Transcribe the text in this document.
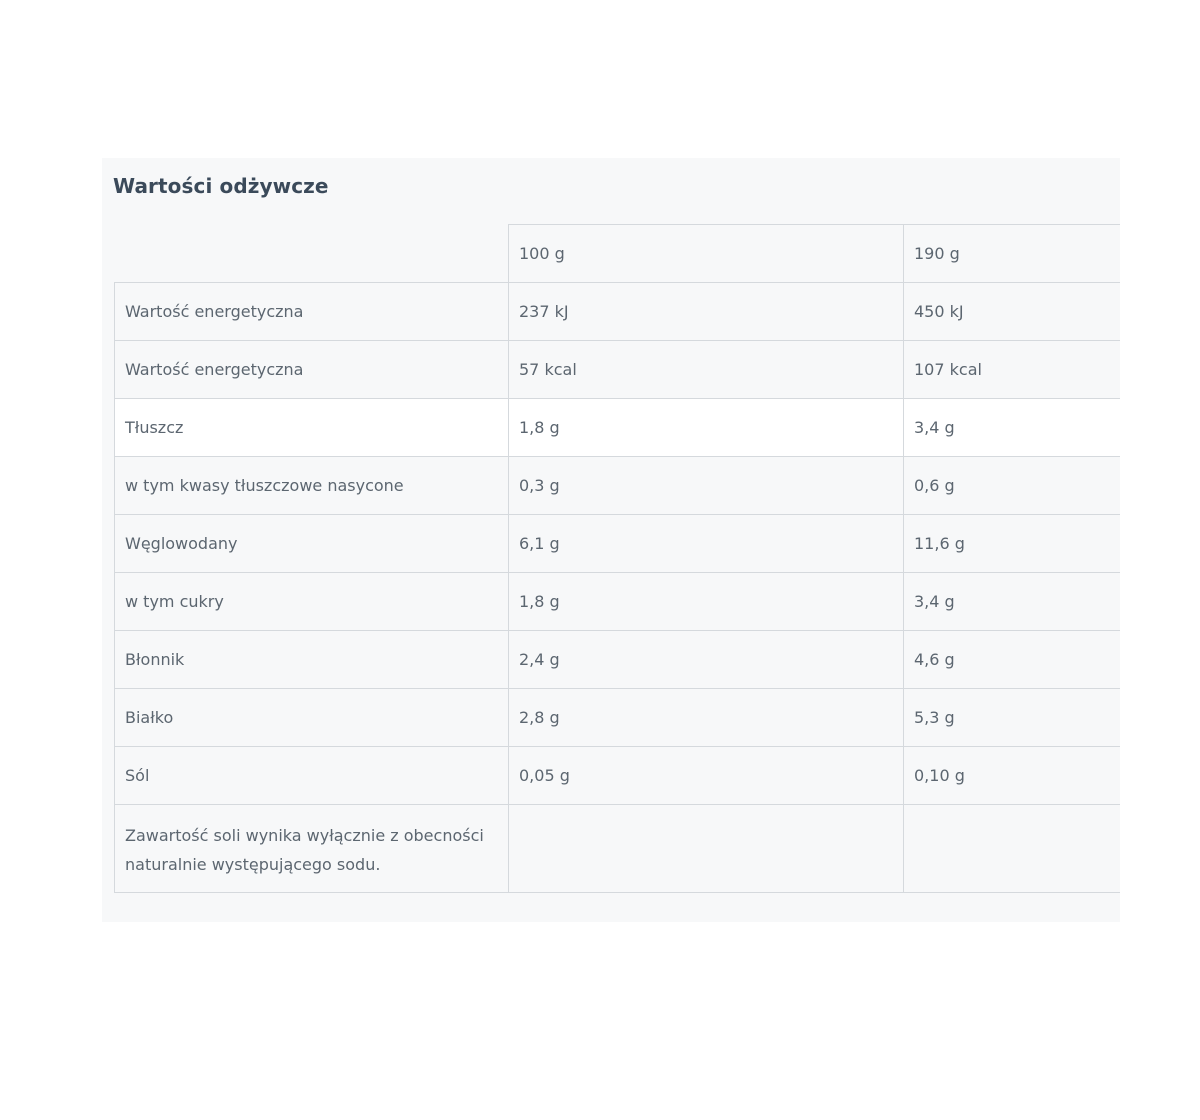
Wartości odżywcze
	100 g	190 g
Wartość energetyczna	237 kJ	450 kJ
Wartość energetyczna	57 kcal	107 kcal
Tłuszcz	1,8 g	3,4 g
w tym kwasy tłuszczowe nasycone	0,3 g	0,6 g
Węglowodany	6,1 g	11,6 g
w tym cukry	1,8 g	3,4 g
Błonnik	2,4 g	4,6 g
Białko	2,8 g	5,3 g
Sól	0,05 g	0,10 g
Zawartość soli wynika wyłącznie z obecności naturalnie występującego sodu.		
